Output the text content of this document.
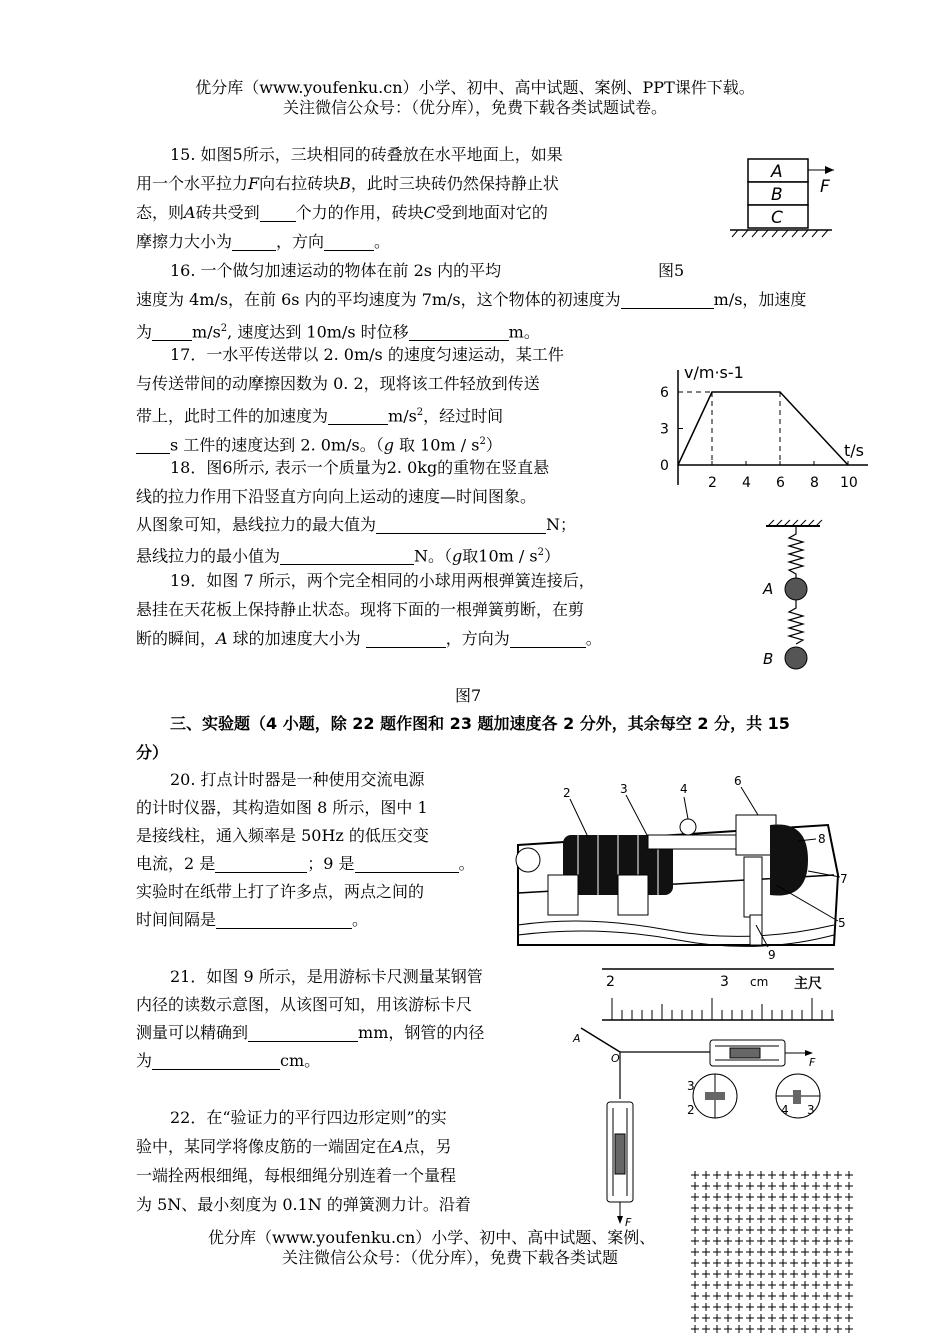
优分库（www.youfenku.cn）小学、初中、高中试题、案例、PPT课件下载。
关注微信公众号：（优分库），免费下载各类试题试卷。
15. 如图5所示，三块相同的砖叠放在水平地面上，如果
用一个水平拉力F向右拉砖块B，此时三块砖仍然保持静止状
态，则A砖共受到 个力的作用，砖块C受到地面对它的
摩擦力大小为	，方向	。
A
B
C
F
16. 一个做匀加速运动的物体在前 2s 内的平均	图5
速度为 4m/s，在前 6s 内的平均速度为 7m/s，这个物体的初速度为	m/s，加速度
为	$m/s^2$, 速度达到 10m/s 时位移	m。
17．一水平传送带以 2. 0m/s 的速度匀速运动，某工件
与传送带间的动摩擦因数为 0. 2，现将该工件轻放到传送
带上，此时工件的加速度为	$m/s^2$，经过时间
s 工件的速度达到 2. 0m/s。（g 取 $10m / s^2$）
v/m·s-1
t/s
0
3
6
2 4 6 8 10
18．图6所示, 表示一个质量为2. 0kg的重物在竖直悬
线的拉力作用下沿竖直方向向上运动的速度—时间图象。
从图象可知，悬线拉力的最大值为	N；
悬线拉力的最小值为	N。（g取$10m / s^2$）
A
B
19．如图 7 所示，两个完全相同的小球用两根弹簧连接后，
悬挂在天花板上保持静止状态。现将下面的一根弹簧剪断，在剪
断的瞬间，A 球的加速度大小为	，方向为	。
图7
三、实验题（4 小题，除 22 题作图和 23 题加速度各 2 分外，其余每空 2 分，共 15
分）
20. 打点计时器是一种使用交流电源
的计时仪器，其构造如图 8 所示，图中 1
是接线柱，通入频率是 50Hz 的低压交变
电流，2 是	；9 是	。
实验时在纸带上打了许多点，两点之间的
时间间隔是	。
2	3	4
6
8
7
5
9
21．如图 9 所示，是用游标卡尺测量某钢管
内径的读数示意图，从该图可知，用该游标卡尺
测量可以精确到	mm，钢管的内径
为	cm。
2	3 cm 主尺
22．在“验证力的平行四边形定则”的实
验中，某同学将像皮筋的一端固定在A点，另
一端拴两根细绳，每根细绳分别连着一个量程
为 5N、最小刻度为 0.1N 的弹簧测力计。沿着
A
O	F
3
2	4 3
F
优分库（www.youfenku.cn）小学、初中、高中试题、案例、
关注微信公众号：（优分库），免费下载各类试题
